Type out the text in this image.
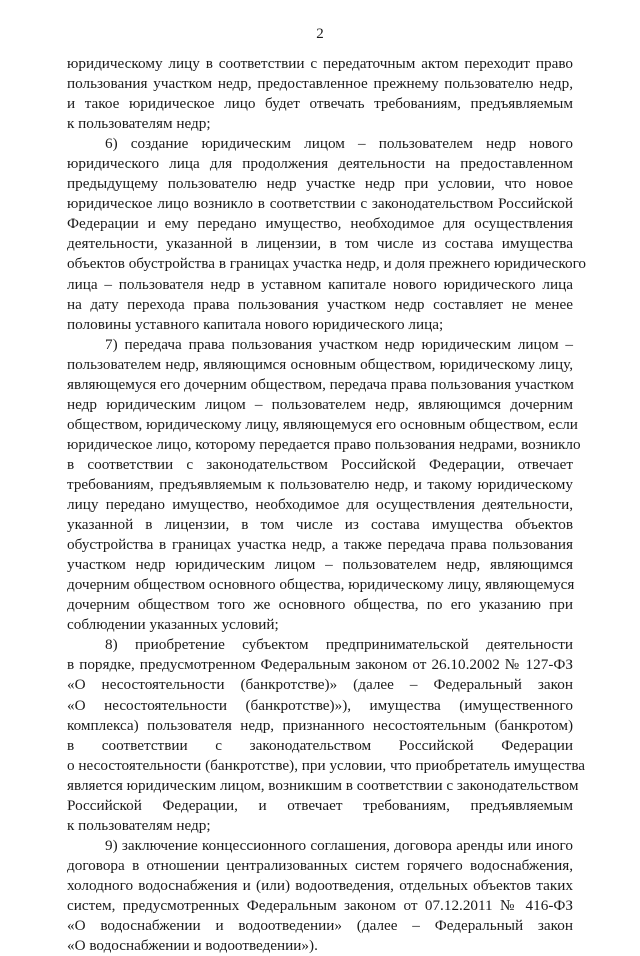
2
юридическому лицу в соответствии с передаточным актом переходит право
пользования участком недр, предоставленное прежнему пользователю недр,
и такое юридическое лицо будет отвечать требованиям, предъявляемым
к пользователям недр;
6) создание юридическим лицом – пользователем недр нового
юридического лица для продолжения деятельности на предоставленном
предыдущему пользователю недр участке недр при условии, что новое
юридическое лицо возникло в соответствии с законодательством Российской
Федерации и ему передано имущество, необходимое для осуществления
деятельности, указанной в лицензии, в том числе из состава имущества
объектов обустройства в границах участка недр, и доля прежнего юридического
лица – пользователя недр в уставном капитале нового юридического лица
на дату перехода права пользования участком недр составляет не менее
половины уставного капитала нового юридического лица;
7) передача права пользования участком недр юридическим лицом –
пользователем недр, являющимся основным обществом, юридическому лицу,
являющемуся его дочерним обществом, передача права пользования участком
недр юридическим лицом – пользователем недр, являющимся дочерним
обществом, юридическому лицу, являющемуся его основным обществом, если
юридическое лицо, которому передается право пользования недрами, возникло
в соответствии с законодательством Российской Федерации, отвечает
требованиям, предъявляемым к пользователю недр, и такому юридическому
лицу передано имущество, необходимое для осуществления деятельности,
указанной в лицензии, в том числе из состава имущества объектов
обустройства в границах участка недр, а также передача права пользования
участком недр юридическим лицом – пользователем недр, являющимся
дочерним обществом основного общества, юридическому лицу, являющемуся
дочерним обществом того же основного общества, по его указанию при
соблюдении указанных условий;
8) приобретение субъектом предпринимательской деятельности
в порядке, предусмотренном Федеральным законом от 26.10.2002 № 127-ФЗ
«О несостоятельности (банкротстве)» (далее – Федеральный закон
«О несостоятельности (банкротстве)»), имущества (имущественного
комплекса) пользователя недр, признанного несостоятельным (банкротом)
в соответствии с законодательством Российской Федерации
о несостоятельности (банкротстве), при условии, что приобретатель имущества
является юридическим лицом, возникшим в соответствии с законодательством
Российской Федерации, и отвечает требованиям, предъявляемым
к пользователям недр;
9) заключение концессионного соглашения, договора аренды или иного
договора в отношении централизованных систем горячего водоснабжения,
холодного водоснабжения и (или) водоотведения, отдельных объектов таких
систем, предусмотренных Федеральным законом от 07.12.2011 № 416-ФЗ
«О водоснабжении и водоотведении» (далее – Федеральный закон
«О водоснабжении и водоотведении»).
